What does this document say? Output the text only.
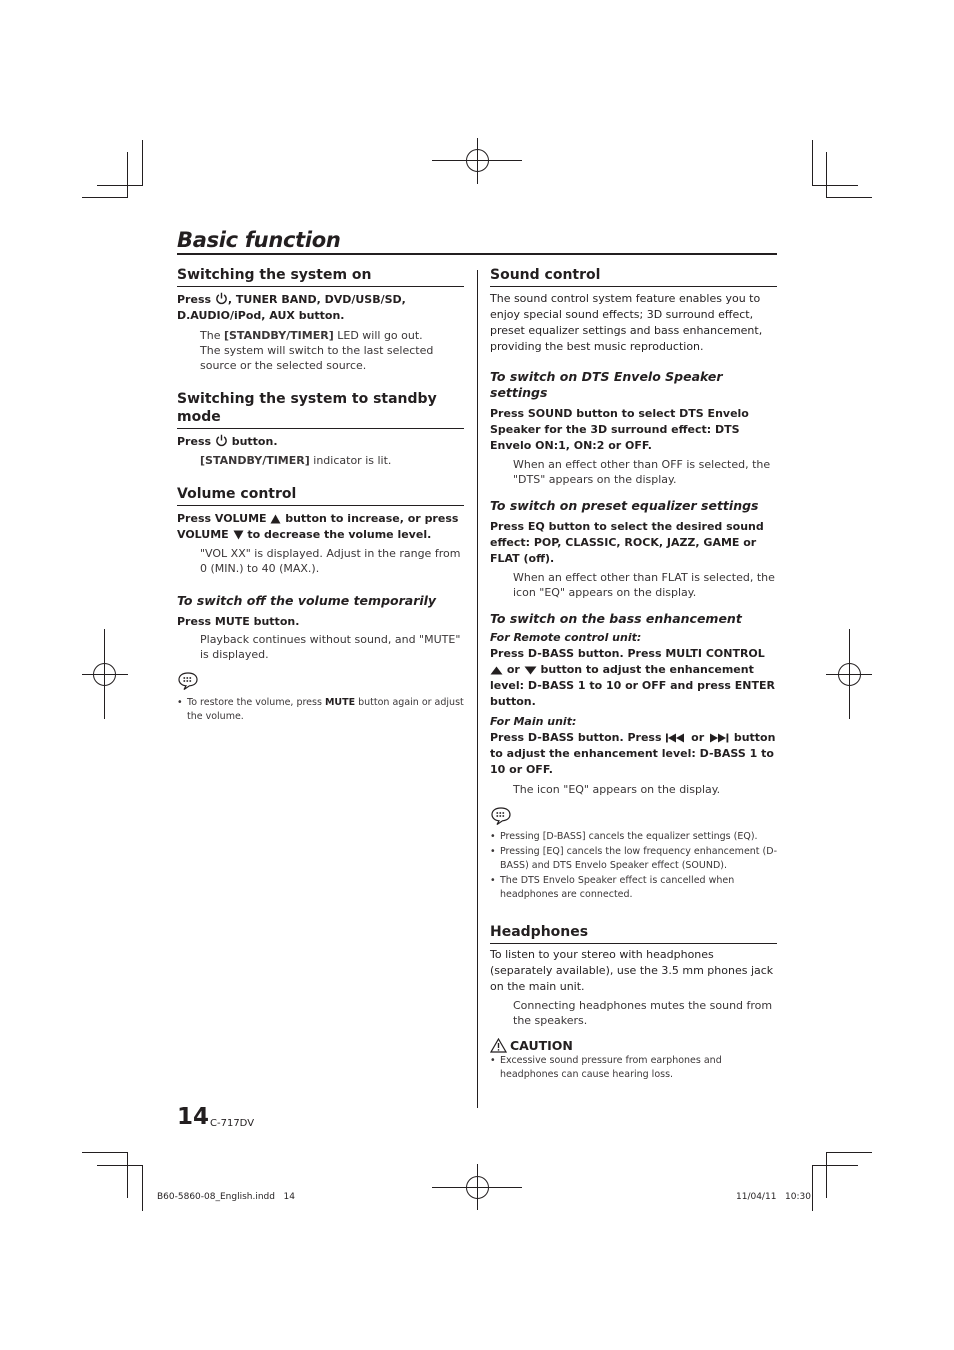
Basic function
Switching the system on

Press , TUNER BAND, DVD/USB/SD, D.AUDIO/iPod, AUX button.

The [STANDBY/TIMER] LED will go out.

The system will switch to the last selected source or the selected source.

Switching the system to standby mode

Press  button.

[STANDBY/TIMER] indicator is lit.

Volume control

Press VOLUME  button to increase, or press VOLUME  to decrease the volume level.

"VOL XX" is displayed. Adjust in the range from 0 (MIN.) to 40 (MAX.).

To switch off the volume temporarily

Press MUTE button.

Playback continues without sound, and "MUTE" is displayed.

• To restore the volume, press MUTE button again or adjust the volume.
Sound control

The sound control system feature enables you to enjoy special sound effects; 3D surround effect, preset equalizer settings and bass enhancement, providing the best music reproduction.

To switch on DTS Envelo Speaker settings

Press SOUND button to select DTS Envelo Speaker for the 3D surround effect: DTS Envelo ON:1, ON:2 or OFF.

When an effect other than OFF is selected, the "DTS" appears on the display.

To switch on preset equalizer settings

Press EQ button to select the desired sound effect: POP, CLASSIC, ROCK, JAZZ, GAME or FLAT (off).

When an effect other than FLAT is selected, the icon "EQ" appears on the display.

To switch on the bass enhancement

For Remote control unit:

Press D-BASS button. Press MULTI CONTROL  or  button to adjust the enhancement level: D-BASS 1 to 10 or OFF and press ENTER button.

For Main unit:

Press D-BASS button. Press  or  button to adjust the enhancement level: D-BASS 1 to 10 or OFF.

The icon "EQ" appears on the display.

• Pressing [D-BASS] cancels the equalizer settings (EQ).
• Pressing [EQ] cancels the low frequency enhancement (D-BASS) and DTS Envelo Speaker effect (SOUND).
• The DTS Envelo Speaker effect is cancelled when headphones are connected.
Headphones

To listen to your stereo with headphones (separately available), use the 3.5 mm phones jack on the main unit.

Connecting headphones mutes the sound from the speakers.

CAUTION
• Excessive sound pressure from earphones and headphones can cause hearing loss.
14 C-717DV
B60-5860-08_English.indd   14	11/04/11   10:30
